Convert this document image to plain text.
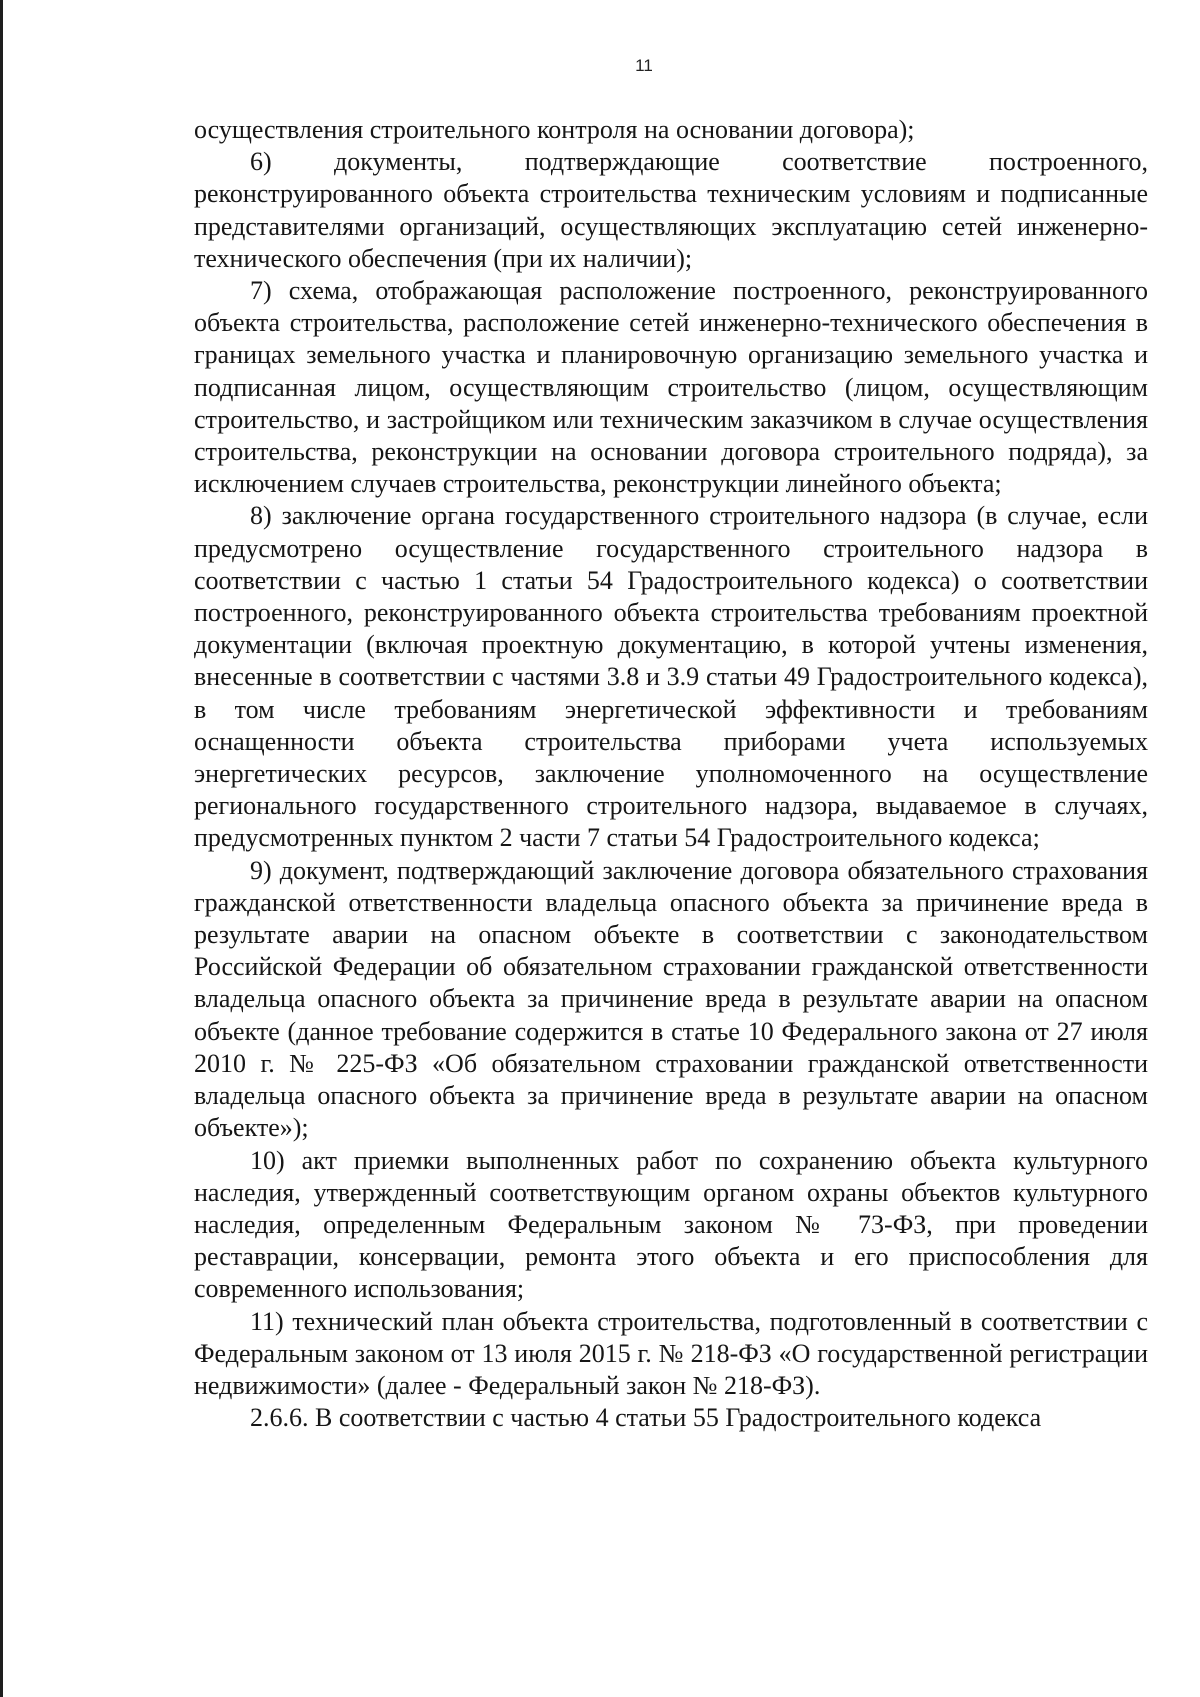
11

осуществления строительного контроля на основании договора);

6) документы, подтверждающие соответствие построенного, реконструированного объекта строительства техническим условиям и подписанные представителями организаций, осуществляющих эксплуатацию сетей инженерно-технического обеспечения (при их наличии);

7) схема, отображающая расположение построенного, реконструированного объекта строительства, расположение сетей инженерно-технического обеспечения в границах земельного участка и планировочную организацию земельного участка и подписанная лицом, осуществляющим строительство (лицом, осуществляющим строительство, и застройщиком или техническим заказчиком в случае осуществления строительства, реконструкции на основании договора строительного подряда), за исключением случаев строительства, реконструкции линейного объекта;

8) заключение органа государственного строительного надзора (в случае, если предусмотрено осуществление государственного строительного надзора в соответствии с частью 1 статьи 54 Градостроительного кодекса) о соответствии построенного, реконструированного объекта строительства требованиям проектной документации (включая проектную документацию, в которой учтены изменения, внесенные в соответствии с частями 3.8 и 3.9 статьи 49 Градостроительного кодекса), в том числе требованиям энергетической эффективности и требованиям оснащенности объекта строительства приборами учета используемых энергетических ресурсов, заключение уполномоченного на осуществление регионального государственного строительного надзора, выдаваемое в случаях, предусмотренных пунктом 2 части 7 статьи 54 Градостроительного кодекса;

9) документ, подтверждающий заключение договора обязательного страхования гражданской ответственности владельца опасного объекта за причинение вреда в результате аварии на опасном объекте в соответствии с законодательством Российской Федерации об обязательном страховании гражданской ответственности владельца опасного объекта за причинение вреда в результате аварии на опасном объекте (данное требование содержится в статье 10 Федерального закона от 27 июля 2010 г. № 225-ФЗ «Об обязательном страховании гражданской ответственности владельца опасного объекта за причинение вреда в результате аварии на опасном объекте»);

10) акт приемки выполненных работ по сохранению объекта культурного наследия, утвержденный соответствующим органом охраны объектов культурного наследия, определенным Федеральным законом № 73-ФЗ, при проведении реставрации, консервации, ремонта этого объекта и его приспособления для современного использования;

11) технический план объекта строительства, подготовленный в соответствии с Федеральным законом от 13 июля 2015 г. № 218-ФЗ «О государственной регистрации недвижимости» (далее - Федеральный закон № 218-ФЗ).

2.6.6. В соответствии с частью 4 статьи 55 Градостроительного кодекса
